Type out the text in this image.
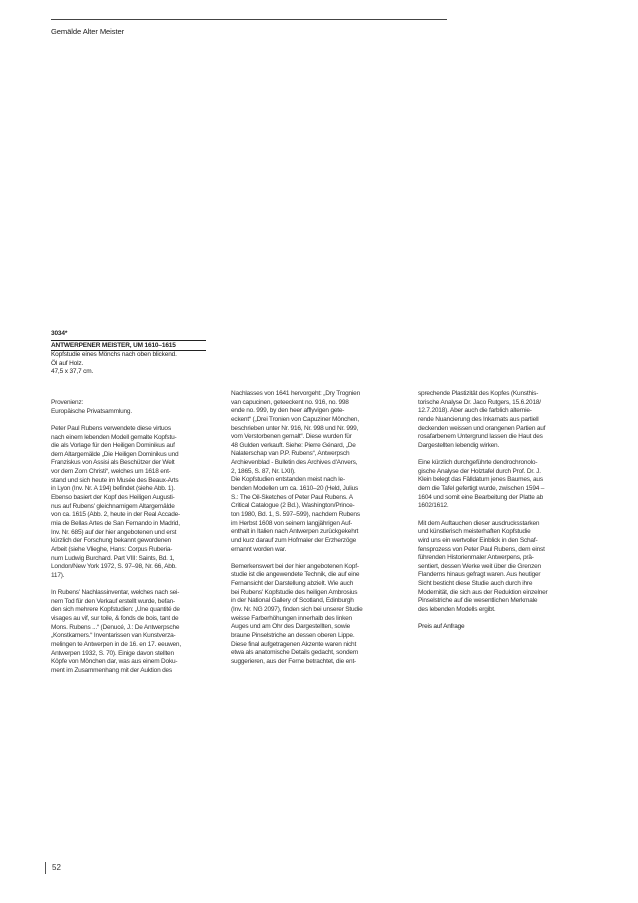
Gemälde Alter Meister
3034*
ANTWERPENER MEISTER, UM 1610–1615
Kopfstudie eines Mönchs nach oben blickend.
Öl auf Holz.
47,5 x 37,7 cm.
Provenienz:
Europäische Privatsammlung.
Peter Paul Rubens verwendete diese virtuos
nach einem lebenden Modell gemalte Kopfstu-
die als Vorlage für den Heiligen Dominikus auf
dem Altargemälde „Die Heiligen Dominikus und
Franziskus von Assisi als Beschützer der Welt
vor dem Zorn Christi“, welches um 1618 ent-
stand und sich heute im Musée des Beaux-Arts
in Lyon (Inv. Nr. A 194) befindet (siehe Abb. 1).
Ebenso basiert der Kopf des Heiligen Augusti-
nus auf Rubens' gleichnamigem Altargemälde
von ca. 1615 (Abb. 2, heute in der Real Accade-
mia de Bellas Artes de San Fernando in Madrid,
Inv. Nr. 685) auf der hier angebotenen und erst
kürzlich der Forschung bekannt gewordenen
Arbeit (siehe Vlieghe, Hans: Corpus Ruberia-
num Ludwig Burchard. Part VIII: Saints, Bd. 1,
London/New York 1972, S. 97–98, Nr. 66, Abb.
117).
In Rubens' Nachlassinventar, welches nach sei-
nem Tod für den Verkauf erstellt wurde, befan-
den sich mehrere Kopfstudien: „Une quantité de
visages au vif, sur toile, & fonds de bois, tant de
Mons. Rubens ...“ (Denucé, J.: De Antwerpsche
„Konstkamers.“ Inventarissen van Kunstverza-
melingen te Antwerpen in de 16. en 17. eeuwen,
Antwerpen 1932, S. 70). Einige davon stellten
Köpfe von Mönchen dar, was aus einem Doku-
ment im Zusammenhang mit der Auktion des
Nachlasses von 1641 hervorgeht: „Dry Trognien
van capucinen, geteeckent no. 916, no. 998
ende no. 999, by den heer afflyvigen gete-
eckent“ („Drei Tronien von Capuziner Mönchen,
beschrieben unter Nr. 916, Nr. 998 und Nr. 999,
vom Verstorbenen gemalt“. Diese wurden für
48 Gulden verkauft. Siehe: Pierre Génard, „De
Nalaterschap van P.P. Rubens“, Antwerpsch
Archievenblad - Bulletin des Archives d'Anvers,
2, 1865, S. 87, Nr. LXII).
Die Kopfstudien entstanden meist nach le-
benden Modellen um ca. 1610–20 (Held, Julius
S.: The Oil-Sketches of Peter Paul Rubens. A
Critical Catalogue (2 Bd.), Washington/Prince-
ton 1980, Bd. 1, S. 597–599), nachdem Rubens
im Herbst 1608 von seinem langjährigen Auf-
enthalt in Italien nach Antwerpen zurückgekehrt
und kurz darauf zum Hofmaler der Erzherzöge
ernannt worden war.
Bemerkenswert bei der hier angebotenen Kopf-
studie ist die angewendete Technik, die auf eine
Fernansicht der Darstellung abzielt. Wie auch
bei Rubens' Kopfstudie des heiligen Ambrosius
in der National Gallery of Scotland, Edinburgh
(Inv. Nr. NG 2097), finden sich bei unserer Studie
weisse Farberhöhungen innerhalb des linken
Auges und am Ohr des Dargestellten, sowie
braune Pinselstriche an dessen oberen Lippe.
Diese final aufgetragenen Akzente waren nicht
etwa als anatomische Details gedacht, sondern
suggerieren, aus der Ferne betrachtet, die ent-
sprechende Plastizität des Kopfes (Kunsthis-
torische Analyse Dr. Jaco Rutgers, 15.6.2018/
12.7.2018). Aber auch die farblich alternie-
rende Nuancierung des Inkarnats aus partiell
deckenden weissen und orangenen Partien auf
rosafarbenem Untergrund lassen die Haut des
Dargestellten lebendig wirken.
Eine kürzlich durchgeführte dendrochronolo-
gische Analyse der Holztafel durch Prof. Dr. J.
Klein belegt das Fälldatum jenes Baumes, aus
dem die Tafel gefertigt wurde, zwischen 1594 –
1604 und somit eine Bearbeitung der Platte ab
1602/1612.
Mit dem Auftauchen dieser ausdrucksstarken
und künstlerisch meisterhaften Kopfstudie
wird uns ein wertvoller Einblick in den Schaf-
fensprozess von Peter Paul Rubens, dem einst
führenden Historienmaler Antwerpens, prä-
sentiert, dessen Werke weit über die Grenzen
Flanderns hinaus gefragt waren. Aus heutiger
Sicht besticht diese Studie auch durch ihre
Modernität, die sich aus der Reduktion einzelner
Pinselstriche auf die wesentlichen Merkmale
des lebenden Modells ergibt.
Preis auf Anfrage
52
